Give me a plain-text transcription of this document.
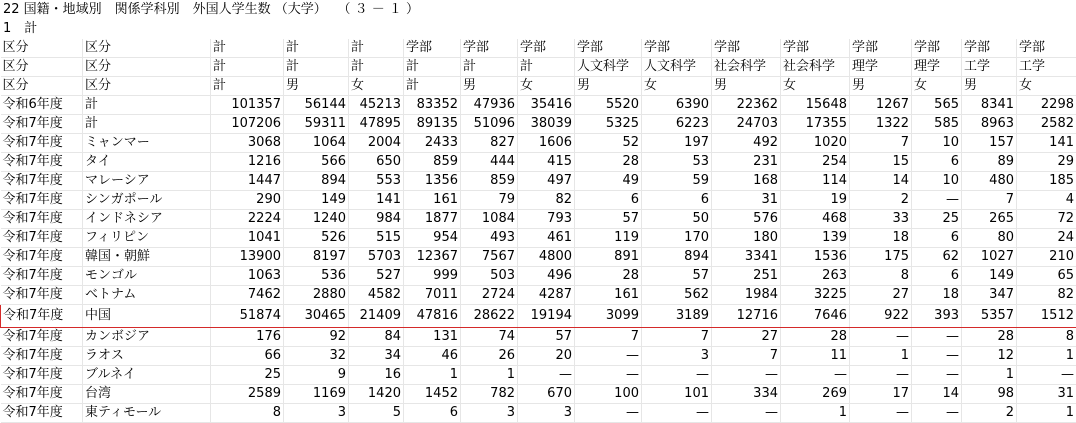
22 国籍・地域別　関係学科別　外国人学生数 （大学）　 （ ３ － １ ）
1　計
区分	区分	計	計	計	学部	学部	学部	学部	学部	学部	学部	学部	学部	学部	学部
区分	区分	計	計	計	計	計	計	人文科学	人文科学	社会科学	社会科学	理学	理学	工学	工学
区分	区分	計	男	女	計	男	女	男	女	男	女	男	女	男	女
令和6年度	計	101357	56144	45213	83352	47936	35416	5520	6390	22362	15648	1267	565	8341	2298
令和7年度	計	107206	59311	47895	89135	51096	38039	5325	6223	24703	17355	1322	585	8963	2582
令和7年度	ミャンマー	3068	1064	2004	2433	827	1606	52	197	492	1020	7	10	157	141
令和7年度	タイ	1216	566	650	859	444	415	28	53	231	254	15	6	89	29
令和7年度	マレーシア	1447	894	553	1356	859	497	49	59	168	114	14	10	480	185
令和7年度	シンガポール	290	149	141	161	79	82	6	6	31	19	2	—	7	4
令和7年度	インドネシア	2224	1240	984	1877	1084	793	57	50	576	468	33	25	265	72
令和7年度	フィリピン	1041	526	515	954	493	461	119	170	180	139	18	6	80	24
令和7年度	韓国・朝鮮	13900	8197	5703	12367	7567	4800	891	894	3341	1536	175	62	1027	210
令和7年度	モンゴル	1063	536	527	999	503	496	28	57	251	263	8	6	149	65
令和7年度	ベトナム	7462	2880	4582	7011	2724	4287	161	562	1984	3225	27	18	347	82
令和7年度	中国	51874	30465	21409	47816	28622	19194	3099	3189	12716	7646	922	393	5357	1512
令和7年度	カンボジア	176	92	84	131	74	57	7	7	27	28	—	—	28	8
令和7年度	ラオス	66	32	34	46	26	20	—	3	7	11	1	—	12	1
令和7年度	ブルネイ	25	9	16	1	1	—	—	—	—	—	—	—	1	—
令和7年度	台湾	2589	1169	1420	1452	782	670	100	101	334	269	17	14	98	31
令和7年度	東ティモール	8	3	5	6	3	3	—	—	—	1	—	—	2	1
